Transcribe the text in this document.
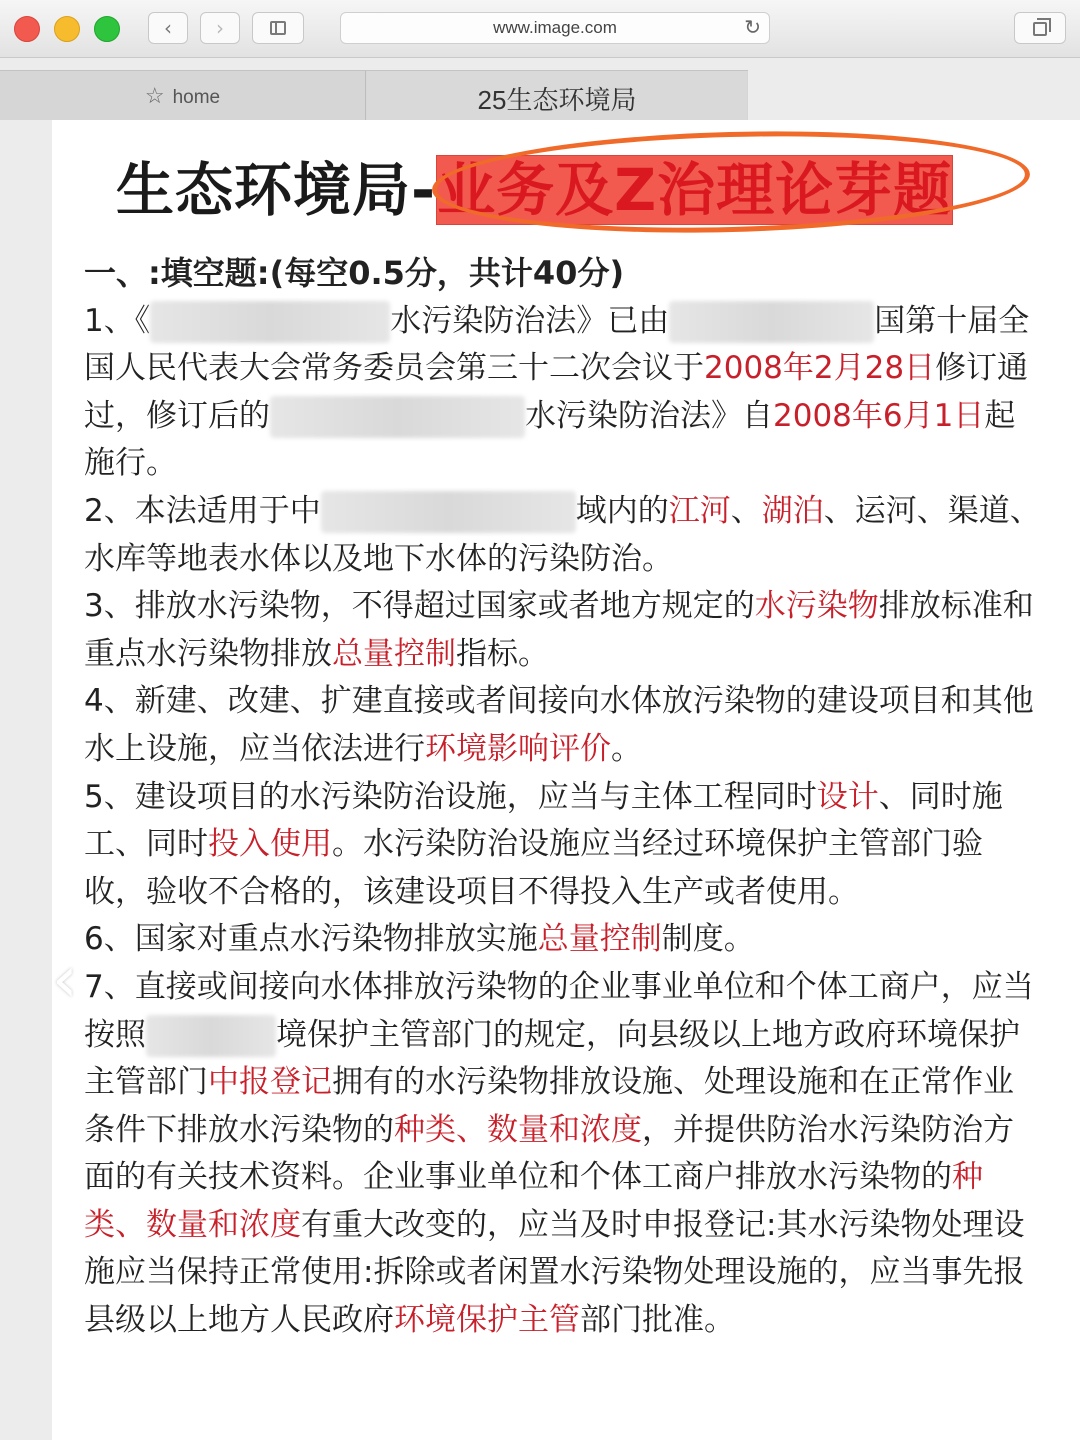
‹	›	www.image.com	↻
☆ home	25生态环境局
‹
生态环境局-业务及Z治理论芽题

一、:填空题:(每空0.5分，共计40分)

1、《	水污染防治法》已由	国第十届全国人民代表大会常务委员会第三十二次会议于2008年2月28日修订通过，修订后的	水污染防治法》自2008年6月1日起施行。

2、本法适用于中	域内的江河、湖泊、运河、渠道、水库等地表水体以及地下水体的污染防治。

3、排放水污染物，不得超过国家或者地方规定的水污染物排放标准和重点水污染物排放总量控制指标。

4、新建、改建、扩建直接或者间接向水体放污染物的建设项目和其他水上设施，应当依法进行环境影响评价。

5、建设项目的水污染防治设施，应当与主体工程同时设计、同时施工、同时投入使用。水污染防治设施应当经过环境保护主管部门验收，验收不合格的，该建设项目不得投入生产或者使用。

6、国家对重点水污染物排放实施总量控制制度。

7、直接或间接向水体排放污染物的企业事业单位和个体工商户，应当按照	境保护主管部门的规定，向县级以上地方政府环境保护主管部门中报登记拥有的水污染物排放设施、处理设施和在正常作业条件下排放水污染物的种类、数量和浓度，并提供防治水污染防治方面的有关技术资料。企业事业单位和个体工商户排放水污染物的种类、数量和浓度有重大改变的，应当及时申报登记:其水污染物处理设施应当保持正常使用:拆除或者闲置水污染物处理设施的，应当事先报县级以上地方人民政府环境保护主管部门批准。
